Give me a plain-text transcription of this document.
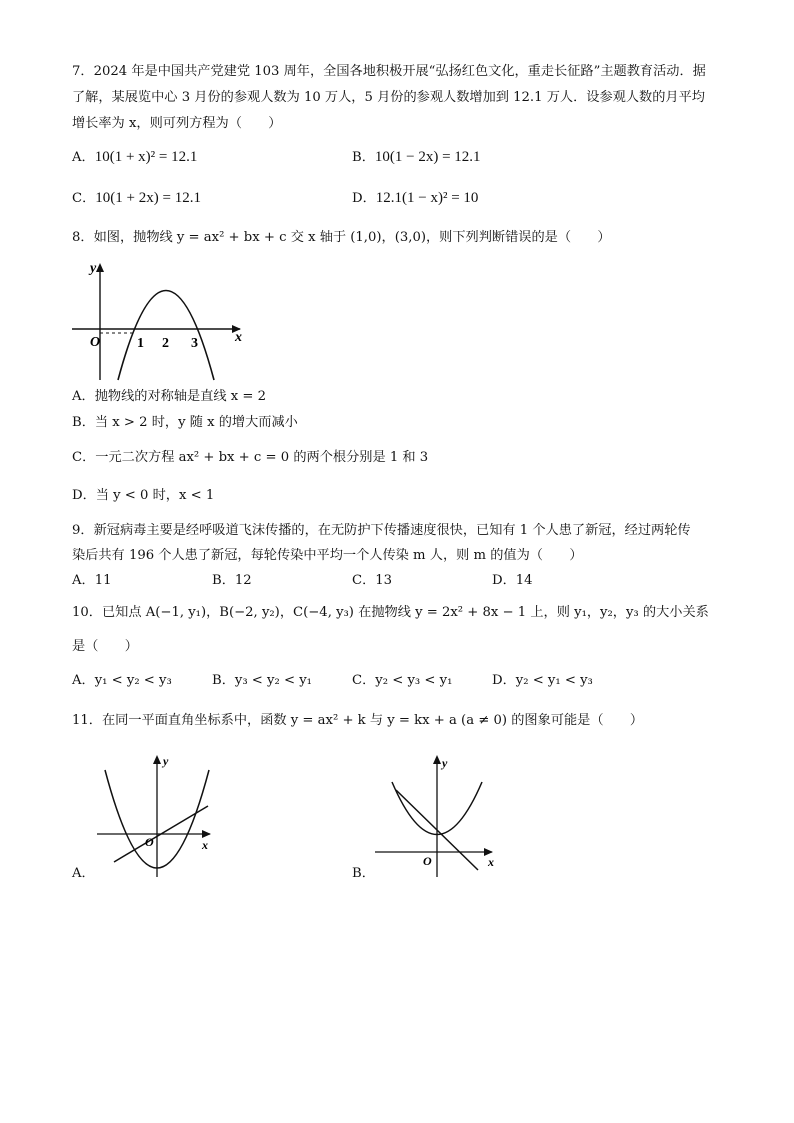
7．2024 年是中国共产党建党 103 周年，全国各地积极开展“弘扬红色文化，重走长征路”主题教育活动．据
了解，某展览中心 3 月份的参观人数为 10 万人，5 月份的参观人数增加到 12.1 万人．设参观人数的月平均
增长率为 x，则可列方程为（　　）
A．10(1 + x)² = 12.1	B．10(1 − 2x) = 12.1
C．10(1 + 2x) = 12.1	D．12.1(1 − x)² = 10
8．如图，抛物线 y = ax² + bx + c 交 x 轴于 (1,0)，(3,0)，则下列判断错误的是（　　）
y
x
O	1 2 3
A．抛物线的对称轴是直线 x = 2
B．当 x > 2 时，y 随 x 的增大而减小
C．一元二次方程 ax² + bx + c = 0 的两个根分别是 1 和 3
D．当 y < 0 时，x < 1
9．新冠病毒主要是经呼吸道飞沫传播的，在无防护下传播速度很快，已知有 1 个人患了新冠，经过两轮传
染后共有 196 个人患了新冠，每轮传染中平均一个人传染 m 人，则 m 的值为（　　）
A．11	B．12	C．13	D．14
10．已知点 A(−1, y₁)，B(−2, y₂)，C(−4, y₃) 在抛物线 y = 2x² + 8x − 1 上，则 y₁，y₂，y₃ 的大小关系
是（　　）
A．y₁ < y₂ < y₃	B．y₃ < y₂ < y₁	C．y₂ < y₃ < y₁	D．y₂ < y₁ < y₃
11．在同一平面直角坐标系中，函数 y = ax² + k 与 y = kx + a (a ≠ 0) 的图象可能是（　　）
y
x
O
A．
y
x
O
B．
